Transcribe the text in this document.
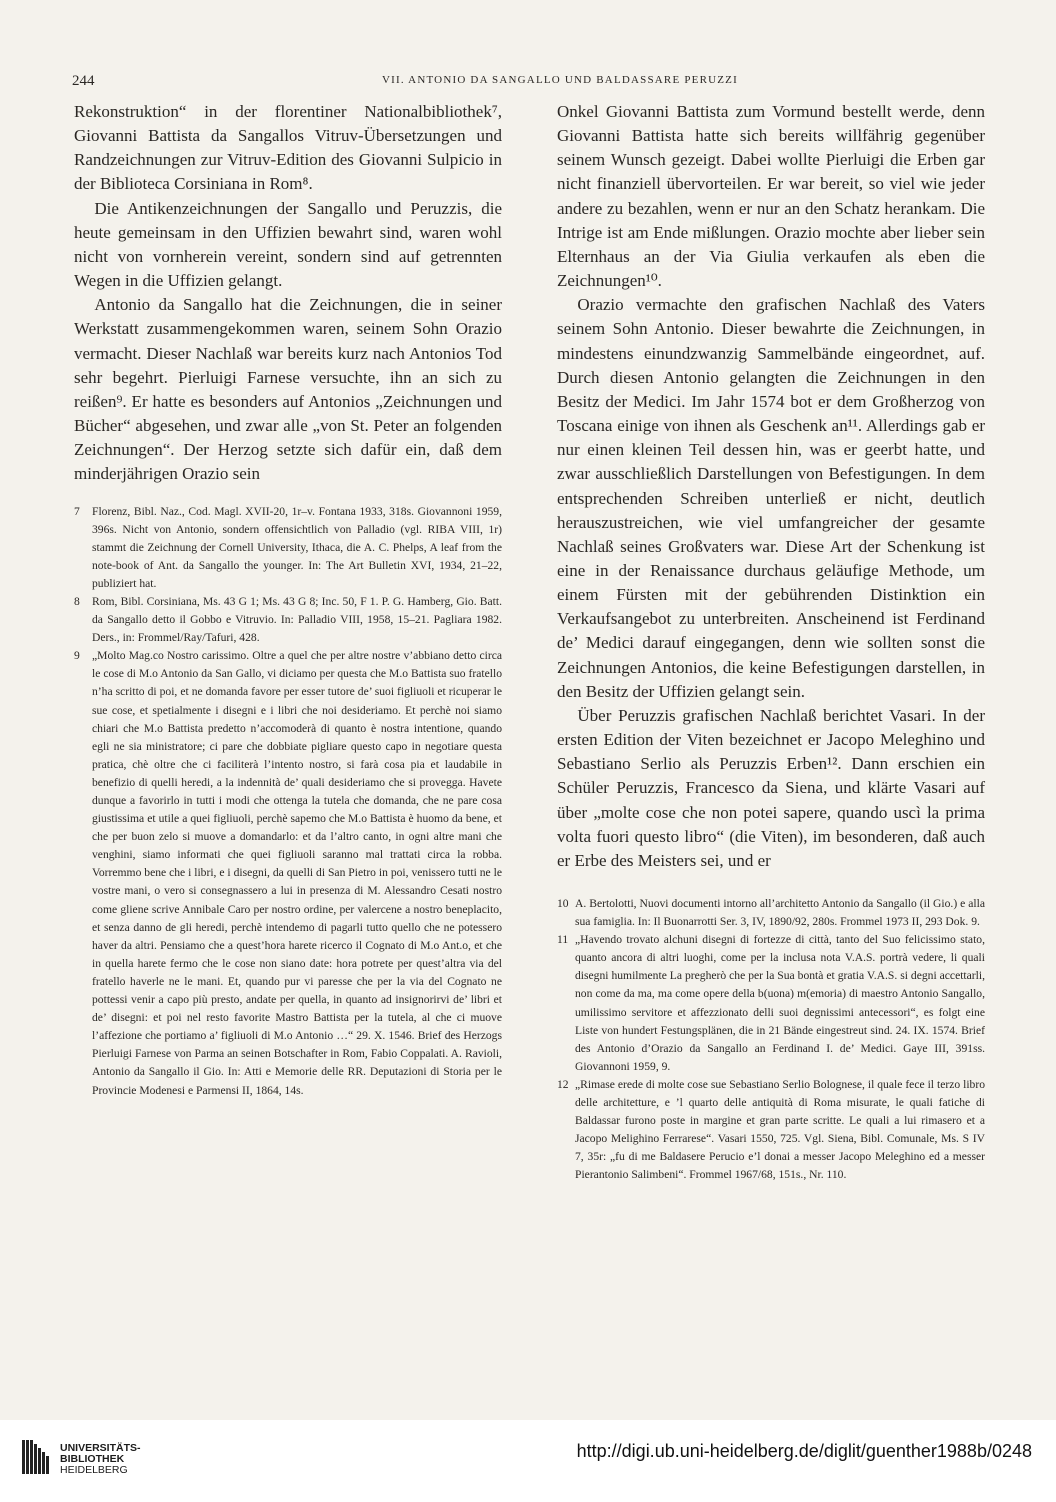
244	VII. ANTONIO DA SANGALLO UND BALDASSARE PERUZZI

Rekonstruktion“ in der florentiner Nationalbibliothek⁷, Giovanni Battista da Sangallos Vitruv-Übersetzungen und Randzeichnungen zur Vitruv-Edition des Giovanni Sulpicio in der Biblioteca Corsiniana in Rom⁸.

Die Antikenzeichnungen der Sangallo und Peruzzis, die heute gemeinsam in den Uffizien bewahrt sind, waren wohl nicht von vornherein vereint, sondern sind auf getrennten Wegen in die Uffizien gelangt.

Antonio da Sangallo hat die Zeichnungen, die in seiner Werkstatt zusammengekommen waren, seinem Sohn Orazio vermacht. Dieser Nachlaß war bereits kurz nach Antonios Tod sehr begehrt. Pierluigi Farnese versuchte, ihn an sich zu reißen⁹. Er hatte es besonders auf Antonios „Zeichnungen und Bücher“ abgesehen, und zwar alle „von St. Peter an folgenden Zeichnungen“. Der Herzog setzte sich dafür ein, daß dem minderjährigen Orazio sein

7 Florenz, Bibl. Naz., Cod. Magl. XVII-20, 1r–v. Fontana 1933, 318s. Giovannoni 1959, 396s. Nicht von Antonio, sondern offensichtlich von Palladio (vgl. RIBA VIII, 1r) stammt die Zeichnung der Cornell University, Ithaca, die A. C. Phelps, A leaf from the note-book of Ant. da Sangallo the younger. In: The Art Bulletin XVI, 1934, 21–22, publiziert hat.
8 Rom, Bibl. Corsiniana, Ms. 43 G 1; Ms. 43 G 8; Inc. 50, F 1. P. G. Hamberg, Gio. Batt. da Sangallo detto il Gobbo e Vitruvio. In: Palladio VIII, 1958, 15–21. Pagliara 1982. Ders., in: Frommel/Ray/Tafuri, 428.
9 „Molto Mag.co Nostro carissimo. Oltre a quel che per altre nostre v’abbiano detto circa le cose di M.o Antonio da San Gallo, vi diciamo per questa che M.o Battista suo fratello n’ha scritto di poi, et ne domanda favore per esser tutore de’ suoi figliuoli et ricuperar le sue cose, et spetialmente i disegni e i libri che noi desideriamo. Et perchè noi siamo chiari che M.o Battista predetto n’accomoderà di quanto è nostra intentione, quando egli ne sia ministratore; ci pare che dobbiate pigliare questo capo in negotiare questa pratica, chè oltre che ci faciliterà l’intento nostro, si farà cosa pia et laudabile in benefizio di quelli heredi, a la indennità de’ quali desideriamo che si provegga. Havete dunque a favorirlo in tutti i modi che ottenga la tutela che domanda, che ne pare cosa giustissima et utile a quei figliuoli, perchè sapemo che M.o Battista è huomo da bene, et che per buon zelo si muove a domandarlo: et da l’altro canto, in ogni altre mani che venghini, siamo informati che quei figliuoli saranno mal trattati circa la robba. Vorremmo bene che i libri, e i disegni, da quelli di San Pietro in poi, venissero tutti ne le vostre mani, o vero si consegnassero a lui in presenza di M. Alessandro Cesati nostro come gliene scrive Annibale Caro per nostro ordine, per valercene a nostro beneplacito, et senza danno de gli heredi, perchè intendemo di pagarli tutto quello che ne potessero haver da altri. Pensiamo che a quest’hora harete ricerco il Cognato di M.o Ant.o, et che in quella harete fermo che le cose non siano date: hora potrete per quest’altra via del fratello haverle ne le mani. Et, quando pur vi paresse che per la via del Cognato ne pottessi venir a capo più presto, andate per quella, in quanto ad insignorirvi de’ libri et de’ disegni: et poi nel resto favorite Mastro Battista per la tutela, al che ci muove l’affezione che portiamo a’ figliuoli di M.o Antonio …“ 29. X. 1546. Brief des Herzogs Pierluigi Farnese von Parma an seinen Botschafter in Rom, Fabio Coppalati. A. Ravioli, Antonio da Sangallo il Gio. In: Atti e Memorie delle RR. Deputazioni di Storia per le Provincie Modenesi e Parmensi II, 1864, 14s.

Onkel Giovanni Battista zum Vormund bestellt werde, denn Giovanni Battista hatte sich bereits willfährig gegenüber seinem Wunsch gezeigt. Dabei wollte Pierluigi die Erben gar nicht finanziell übervorteilen. Er war bereit, so viel wie jeder andere zu bezahlen, wenn er nur an den Schatz herankam. Die Intrige ist am Ende mißlungen. Orazio mochte aber lieber sein Elternhaus an der Via Giulia verkaufen als eben die Zeichnungen¹⁰.

Orazio vermachte den grafischen Nachlaß des Vaters seinem Sohn Antonio. Dieser bewahrte die Zeichnungen, in mindestens einundzwanzig Sammelbände eingeordnet, auf. Durch diesen Antonio gelangten die Zeichnungen in den Besitz der Medici. Im Jahr 1574 bot er dem Großherzog von Toscana einige von ihnen als Geschenk an¹¹. Allerdings gab er nur einen kleinen Teil dessen hin, was er geerbt hatte, und zwar ausschließlich Darstellungen von Befestigungen. In dem entsprechenden Schreiben unterließ er nicht, deutlich herauszustreichen, wie viel umfangreicher der gesamte Nachlaß seines Großvaters war. Diese Art der Schenkung ist eine in der Renaissance durchaus geläufige Methode, um einem Fürsten mit der gebührenden Distinktion ein Verkaufsangebot zu unterbreiten. Anscheinend ist Ferdinand de’ Medici darauf eingegangen, denn wie sollten sonst die Zeichnungen Antonios, die keine Befestigungen darstellen, in den Besitz der Uffizien gelangt sein.

Über Peruzzis grafischen Nachlaß berichtet Vasari. In der ersten Edition der Viten bezeichnet er Jacopo Meleghino und Sebastiano Serlio als Peruzzis Erben¹². Dann erschien ein Schüler Peruzzis, Francesco da Siena, und klärte Vasari auf über „molte cose che non potei sapere, quando uscì la prima volta fuori questo libro“ (die Viten), im besonderen, daß auch er Erbe des Meisters sei, und er

10 A. Bertolotti, Nuovi documenti intorno all’architetto Antonio da Sangallo (il Gio.) e alla sua famiglia. In: Il Buonarrotti Ser. 3, IV, 1890/92, 280s. Frommel 1973 II, 293 Dok. 9.
11 „Havendo trovato alchuni disegni di fortezze di città, tanto del Suo felicissimo stato, quanto ancora di altri luoghi, come per la inclusa nota V.A.S. portrà vedere, li quali disegni humilmente La pregherò che per la Sua bontà et gratia V.A.S. si degni accettarli, non come da ma, ma come opere della b(uona) m(emoria) di maestro Antonio Sangallo, umilissimo servitore et affezzionato delli suoi degnissimi antecessori“, es folgt eine Liste von hundert Festungsplänen, die in 21 Bände eingestreut sind. 24. IX. 1574. Brief des Antonio d’Orazio da Sangallo an Ferdinand I. de’ Medici. Gaye III, 391ss. Giovannoni 1959, 9.
12 „Rimase erede di molte cose sue Sebastiano Serlio Bolognese, il quale fece il terzo libro delle architetture, e ’l quarto delle antiquità di Roma misurate, le quali fatiche di Baldassar furono poste in margine et gran parte scritte. Le quali a lui rimasero et a Jacopo Melighino Ferrarese“. Vasari 1550, 725. Vgl. Siena, Bibl. Comunale, Ms. S IV 7, 35r: „fu di me Baldasere Perucio e’l donai a messer Jacopo Meleghino ed a messer Pierantonio Salimbeni“. Frommel 1967/68, 151s., Nr. 110.
UNIVERSITÄTS-
BIBLIOTHEK
HEIDELBERG
http://digi.ub.uni-heidelberg.de/diglit/guenther1988b/0248
